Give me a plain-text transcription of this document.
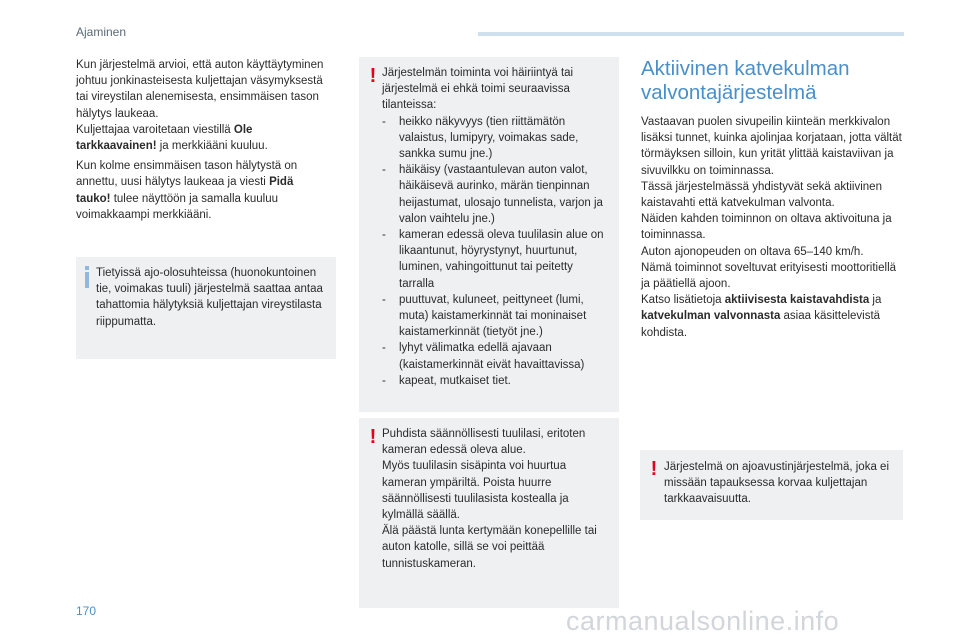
Ajaminen

Kun järjestelmä arvioi, että auton käyttäytyminen johtuu jonkinasteisesta kuljettajan väsymyksestä tai vireystilan alenemisesta, ensimmäisen tason hälytys laukeaa.

Kuljettajaa varoitetaan viestillä Ole tarkkaavainen! ja merkkiääni kuuluu.

Kun kolme ensimmäisen tason hälytystä on annettu, uusi hälytys laukeaa ja viesti Pidä tauko! tulee näyttöön ja samalla kuuluu voimakkaampi merkkiääni.

Tietyissä ajo-olosuhteissa (huonokuntoinen tie, voimakas tuuli) järjestelmä saattaa antaa tahattomia hälytyksiä kuljettajan vireystilasta riippumatta.

! Järjestelmän toiminta voi häiriintyä tai järjestelmä ei ehkä toimi seuraavissa tilanteissa:

- heikko näkyvyys (tien riittämätön valaistus, lumipyry, voimakas sade, sankka sumu jne.)
- häikäisy (vastaantulevan auton valot, häikäisevä aurinko, märän tienpinnan heijastumat, ulosajo tunnelista, varjon ja valon vaihtelu jne.)
- kameran edessä oleva tuulilasin alue on likaantunut, höyrystynyt, huurtunut, luminen, vahingoittunut tai peitetty tarralla
- puuttuvat, kuluneet, peittyneet (lumi, muta) kaistamerkinnät tai moninaiset kaistamerkinnät (tietyöt jne.)
- lyhyt välimatka edellä ajavaan (kaistamerkinnät eivät havaittavissa)
- kapeat, mutkaiset tiet.
! Puhdista säännöllisesti tuulilasi, eritoten kameran edessä oleva alue.

Myös tuulilasin sisäpinta voi huurtua kameran ympäriltä. Poista huurre säännöllisesti tuulilasista kostealla ja kylmällä säällä.

Älä päästä lunta kertymään konepellille tai auton katolle, sillä se voi peittää tunnistuskameran.

Aktiivinen katvekulman valvontajärjestelmä

Vastaavan puolen sivupeilin kiinteän merkkivalon lisäksi tunnet, kuinka ajolinjaa korjataan, jotta vältät törmäyksen silloin, kun yrität ylittää kaistaviivan ja sivuvilkku on toiminnassa.

Tässä järjestelmässä yhdistyvät sekä aktiivinen kaistavahti että katvekulman valvonta.

Näiden kahden toiminnon on oltava aktivoituna ja toiminnassa.

Auton ajonopeuden on oltava 65–140 km/h.

Nämä toiminnot soveltuvat erityisesti moottoritiellä ja päätiellä ajoon.

Katso lisätietoja aktiivisesta kaistavahdista ja katvekulman valvonnasta asiaa käsittelevistä kohdista.

! Järjestelmä on ajoavustinjärjestelmä, joka ei missään tapauksessa korvaa kuljettajan tarkkaavaisuutta.

170	carmanualsonline.info
